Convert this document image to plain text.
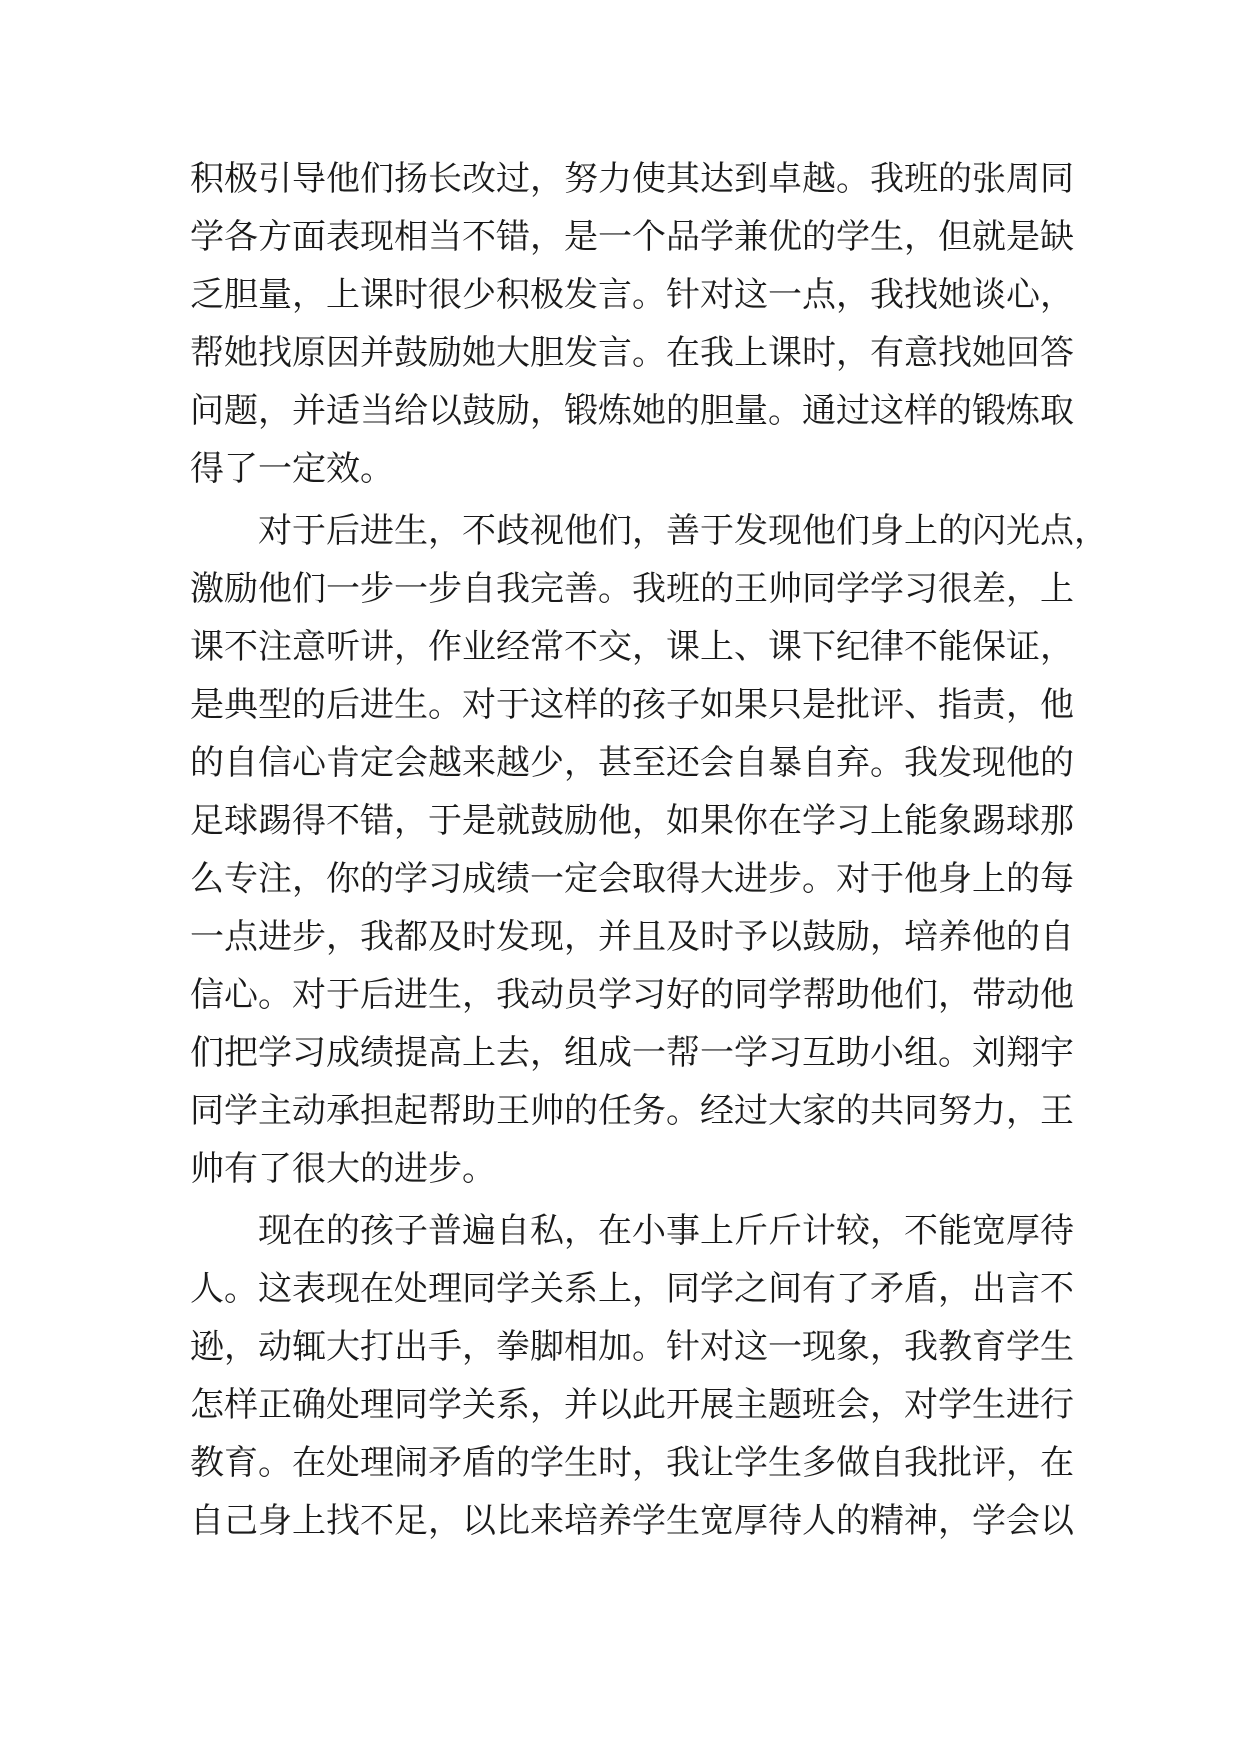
积极引导他们扬长改过，努力使其达到卓越。我班的张周同
学各方面表现相当不错，是一个品学兼优的学生，但就是缺
乏胆量，上课时很少积极发言。针对这一点，我找她谈心，
帮她找原因并鼓励她大胆发言。在我上课时，有意找她回答
问题，并适当给以鼓励，锻炼她的胆量。通过这样的锻炼取
得了一定效。
对于后进生，不歧视他们，善于发现他们身上的闪光点，
激励他们一步一步自我完善。我班的王帅同学学习很差，上
课不注意听讲，作业经常不交，课上、课下纪律不能保证，
是典型的后进生。对于这样的孩子如果只是批评、指责，他
的自信心肯定会越来越少，甚至还会自暴自弃。我发现他的
足球踢得不错，于是就鼓励他，如果你在学习上能象踢球那
么专注，你的学习成绩一定会取得大进步。对于他身上的每
一点进步，我都及时发现，并且及时予以鼓励，培养他的自
信心。对于后进生，我动员学习好的同学帮助他们，带动他
们把学习成绩提高上去，组成一帮一学习互助小组。刘翔宇
同学主动承担起帮助王帅的任务。经过大家的共同努力，王
帅有了很大的进步。
现在的孩子普遍自私，在小事上斤斤计较，不能宽厚待
人。这表现在处理同学关系上，同学之间有了矛盾，出言不
逊，动辄大打出手，拳脚相加。针对这一现象，我教育学生
怎样正确处理同学关系，并以此开展主题班会，对学生进行
教育。在处理闹矛盾的学生时，我让学生多做自我批评，在
自己身上找不足，以比来培养学生宽厚待人的精神，学会以
